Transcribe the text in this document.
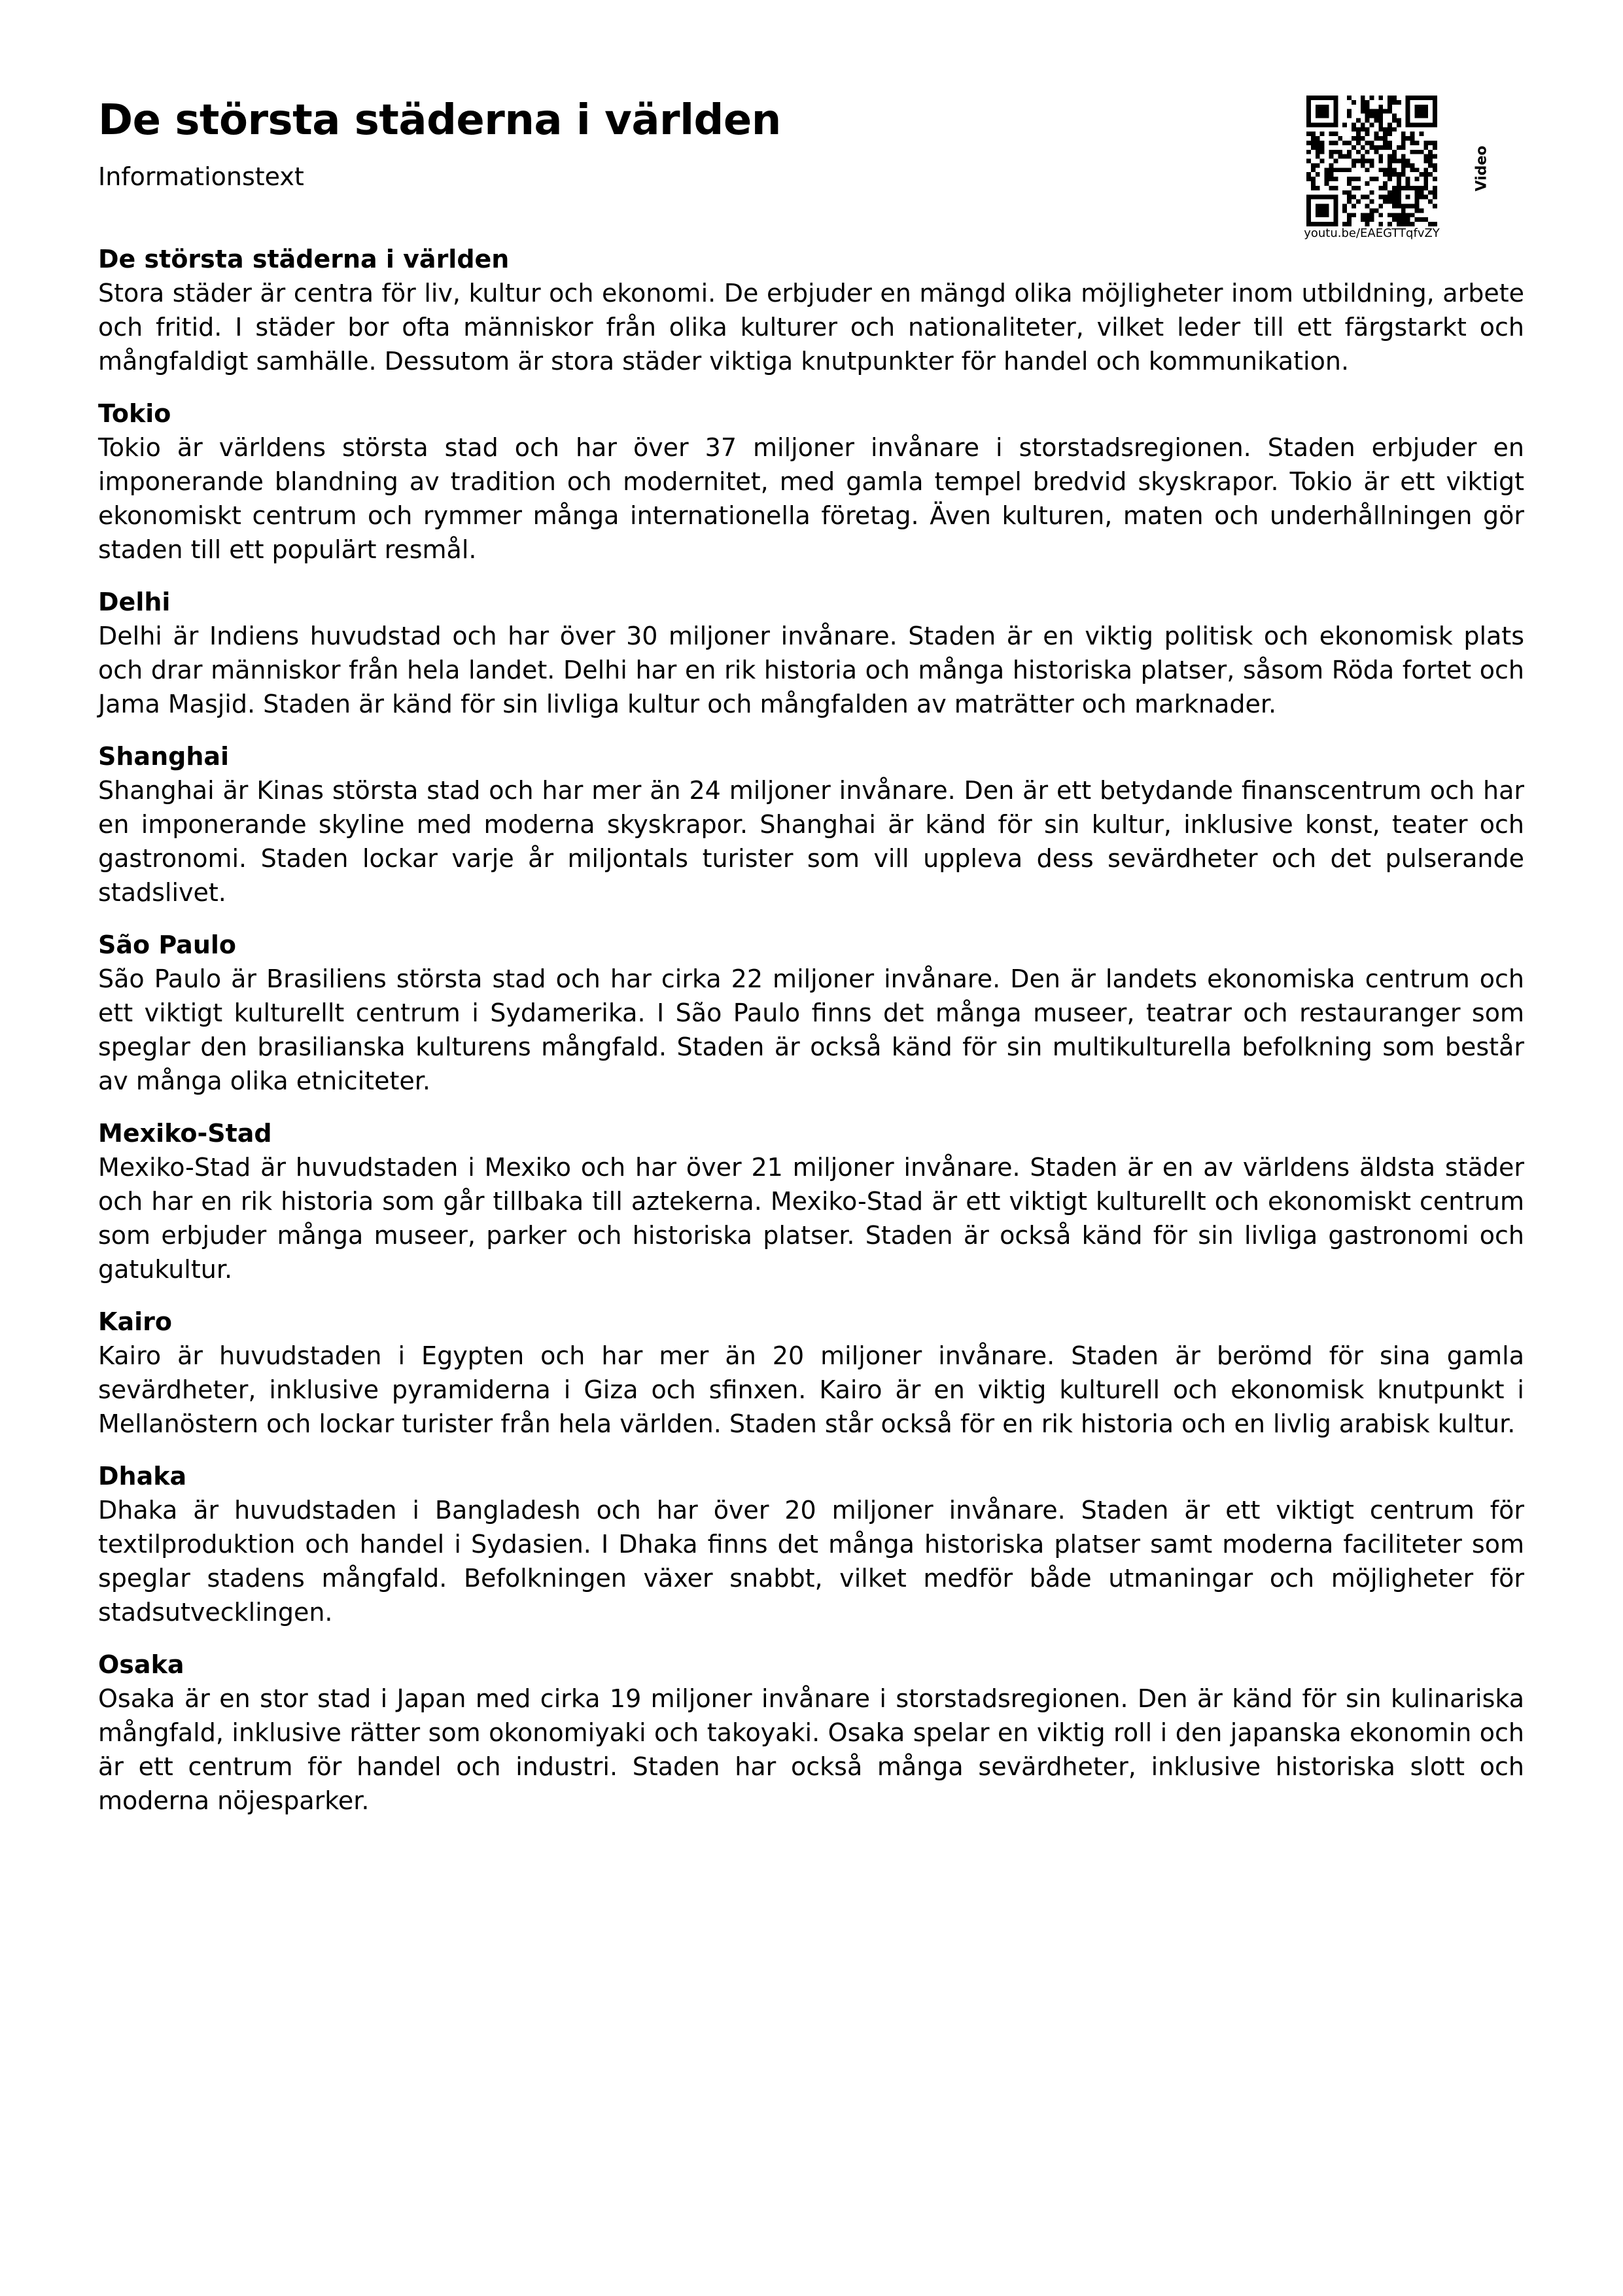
De största städerna i världen
Informationstext
youtu.be/EAEGTTqfvZY
Video
De största städerna i världen

Stora städer är centra för liv, kultur och ekonomi. De erbjuder en mängd olika möjligheter inom utbildning, arbete och fritid. I städer bor ofta människor från olika kulturer och nationaliteter, vilket leder till ett färgstarkt och mångfaldigt samhälle. Dessutom är stora städer viktiga knutpunkter för handel och kommunikation.

Tokio

Tokio är världens största stad och har över 37 miljoner invånare i storstadsregionen. Staden erbjuder en imponerande blandning av tradition och modernitet, med gamla tempel bredvid skyskrapor. Tokio är ett viktigt ekonomiskt centrum och rymmer många internationella företag. Även kulturen, maten och underhållningen gör staden till ett populärt resmål.

Delhi

Delhi är Indiens huvudstad och har över 30 miljoner invånare. Staden är en viktig politisk och ekonomisk plats och drar människor från hela landet. Delhi har en rik historia och många historiska platser, såsom Röda fortet och Jama Masjid. Staden är känd för sin livliga kultur och mångfalden av maträtter och marknader.

Shanghai

Shanghai är Kinas största stad och har mer än 24 miljoner invånare. Den är ett betydande finanscentrum och har en imponerande skyline med moderna skyskrapor. Shanghai är känd för sin kultur, inklusive konst, teater och gastronomi. Staden lockar varje år miljontals turister som vill uppleva dess sevärdheter och det pulserande stadslivet.

São Paulo

São Paulo är Brasiliens största stad och har cirka 22 miljoner invånare. Den är landets ekonomiska centrum och ett viktigt kulturellt centrum i Sydamerika. I São Paulo finns det många museer, teatrar och restauranger som speglar den brasilianska kulturens mångfald. Staden är också känd för sin multikulturella befolkning som består av många olika etniciteter.

Mexiko-Stad

Mexiko-Stad är huvudstaden i Mexiko och har över 21 miljoner invånare. Staden är en av världens äldsta städer och har en rik historia som går tillbaka till aztekerna. Mexiko-Stad är ett viktigt kulturellt och ekonomiskt centrum som erbjuder många museer, parker och historiska platser. Staden är också känd för sin livliga gastronomi och gatukultur.

Kairo

Kairo är huvudstaden i Egypten och har mer än 20 miljoner invånare. Staden är berömd för sina gamla sevärdheter, inklusive pyramiderna i Giza och sfinxen. Kairo är en viktig kulturell och ekonomisk knutpunkt i Mellanöstern och lockar turister från hela världen. Staden står också för en rik historia och en livlig arabisk kultur.

Dhaka

Dhaka är huvudstaden i Bangladesh och har över 20 miljoner invånare. Staden är ett viktigt centrum för textilproduktion och handel i Sydasien. I Dhaka finns det många historiska platser samt moderna faciliteter som speglar stadens mångfald. Befolkningen växer snabbt, vilket medför både utmaningar och möjligheter för stadsutvecklingen.

Osaka

Osaka är en stor stad i Japan med cirka 19 miljoner invånare i storstadsregionen. Den är känd för sin kulinariska mångfald, inklusive rätter som okonomiyaki och takoyaki. Osaka spelar en viktig roll i den japanska ekonomin och är ett centrum för handel och industri. Staden har också många sevärdheter, inklusive historiska slott och moderna nöjesparker.
